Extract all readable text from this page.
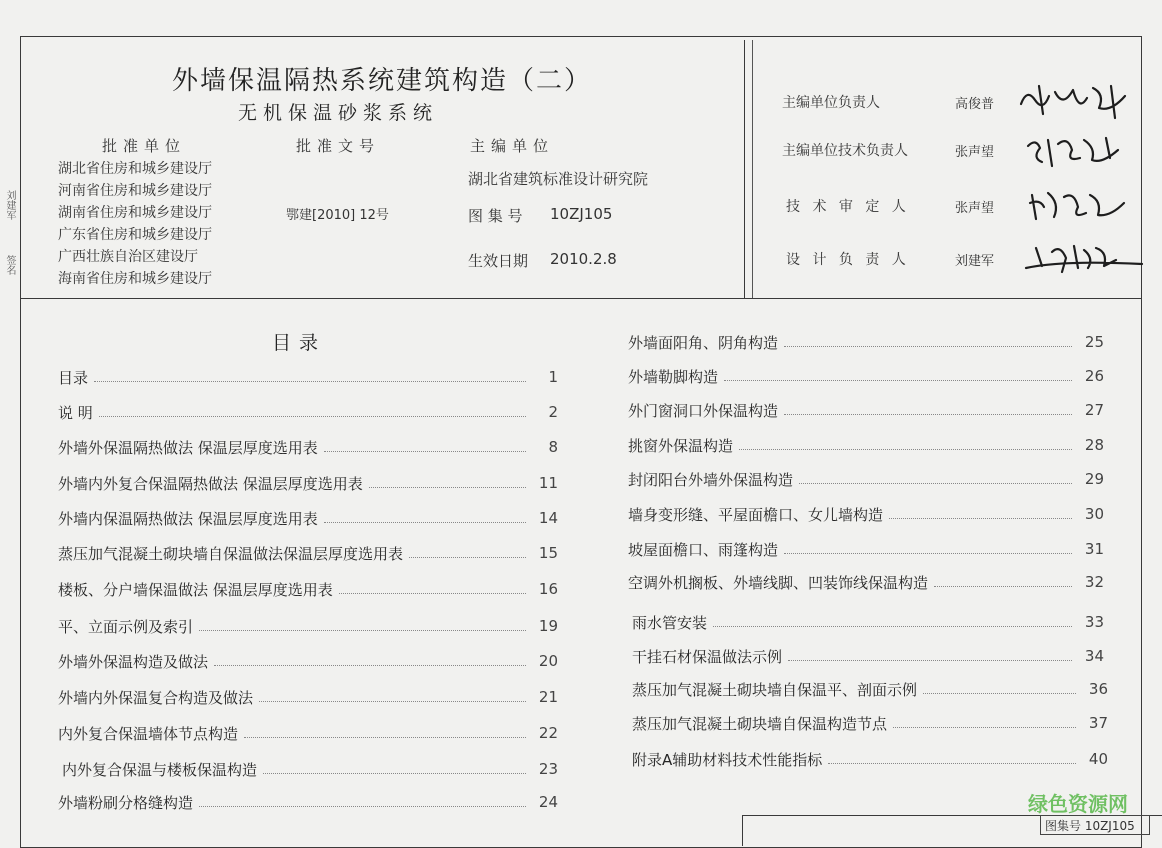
刘建军
签名
外墙保温隔热系统建筑构造（二）
无机保温砂浆系统
批准单位
湖北省住房和城乡建设厅
河南省住房和城乡建设厅
湖南省住房和城乡建设厅
广东省住房和城乡建设厅
广西壮族自治区建设厅
海南省住房和城乡建设厅
批准文号
鄂建[2010] 12号
主编单位
湖北省建筑标准设计研究院
图 集 号 10ZJ105
生效日期 2010.2.8
主编单位负责人	高俊普
主编单位技术负责人	张声望
技 术 审 定 人	张声望
设 计 负 责 人	刘建军
目录
目录	1
说 明	2
外墙外保温隔热做法 保温层厚度选用表	8
外墙内外复合保温隔热做法 保温层厚度选用表	11
外墙内保温隔热做法 保温层厚度选用表	14
蒸压加气混凝土砌块墙自保温做法保温层厚度选用表	15
楼板、分户墙保温做法 保温层厚度选用表	16
平、立面示例及索引	19
外墙外保温构造及做法	20
外墙内外保温复合构造及做法	21
内外复合保温墙体节点构造	22
内外复合保温与楼板保温构造	23
外墙粉刷分格缝构造	24
外墙面阳角、阴角构造	25
外墙勒脚构造	26
外门窗洞口外保温构造	27
挑窗外保温构造	28
封闭阳台外墙外保温构造	29
墙身变形缝、平屋面檐口、女儿墙构造	30
坡屋面檐口、雨篷构造	31
空调外机搁板、外墙线脚、凹装饰线保温构造	32
雨水管安装	33
干挂石材保温做法示例	34
蒸压加气混凝土砌块墙自保温平、剖面示例	36
蒸压加气混凝土砌块墙自保温构造节点	37
附录A辅助材料技术性能指标	40
图集号 10ZJ105
绿色资源网
